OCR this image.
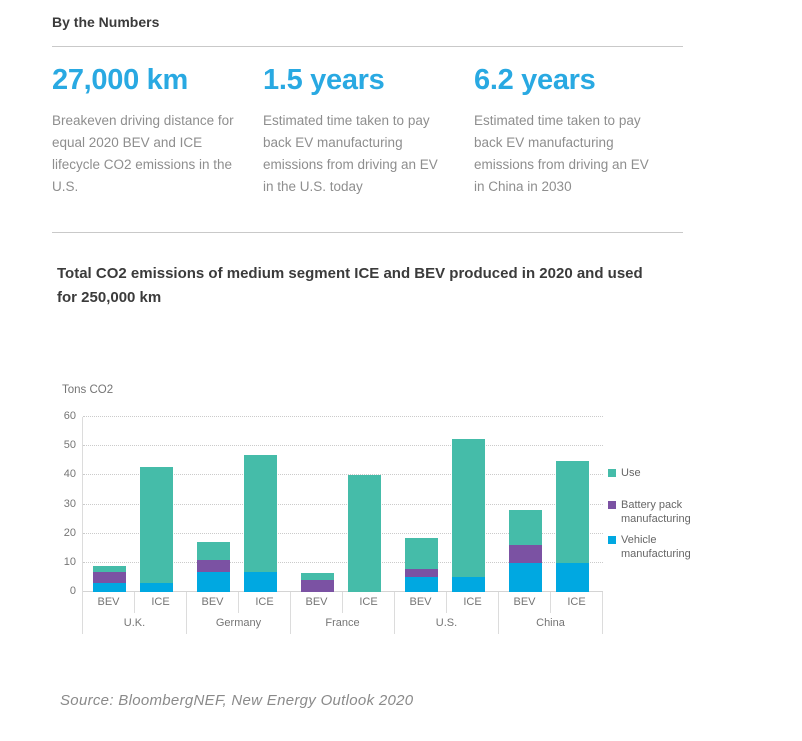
By the Numbers
27,000 km
Breakeven driving distance for
equal 2020 BEV and ICE
lifecycle CO2 emissions in the
U.S.
1.5 years
Estimated time taken to pay
back EV manufacturing
emissions from driving an EV
in the U.S. today
6.2 years
Estimated time taken to pay
back EV manufacturing
emissions from driving an EV
in China in 2030
Total CO2 emissions of medium segment ICE and BEV produced in 2020 and used
for 250,000 km
Tons CO2
BEV	ICE	BEV	ICE	BEV	ICE	BEV	ICE	BEV	ICE
U.K.	Germany	France	U.S.	China
Use
Battery pack
manufacturing
Vehicle
manufacturing
0
10
20
30
40
50
60
Source: BloombergNEF, New Energy Outlook 2020
